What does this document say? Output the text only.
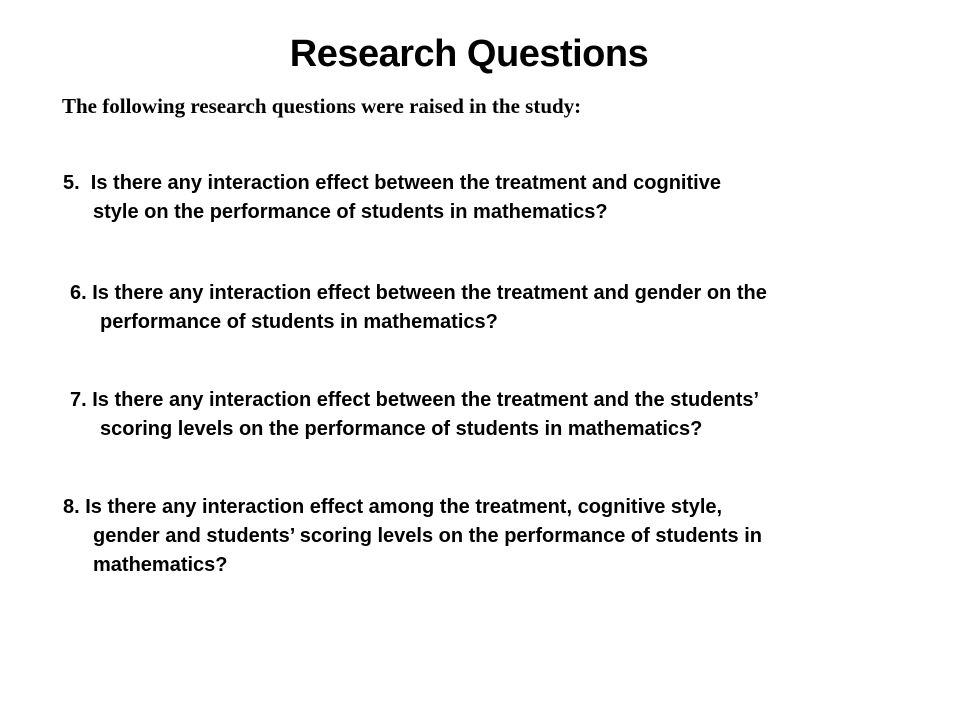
Research Questions
The following research questions were raised in the study:
5.  Is there any interaction effect between the treatment and cognitive
style on the performance of students in mathematics?
6. Is there any interaction effect between the treatment and gender on the
performance of students in mathematics?
7. Is there any interaction effect between the treatment and the students’
scoring levels on the performance of students in mathematics?
8. Is there any interaction effect among the treatment, cognitive style,
gender and students’ scoring levels on the performance of students in
mathematics?
